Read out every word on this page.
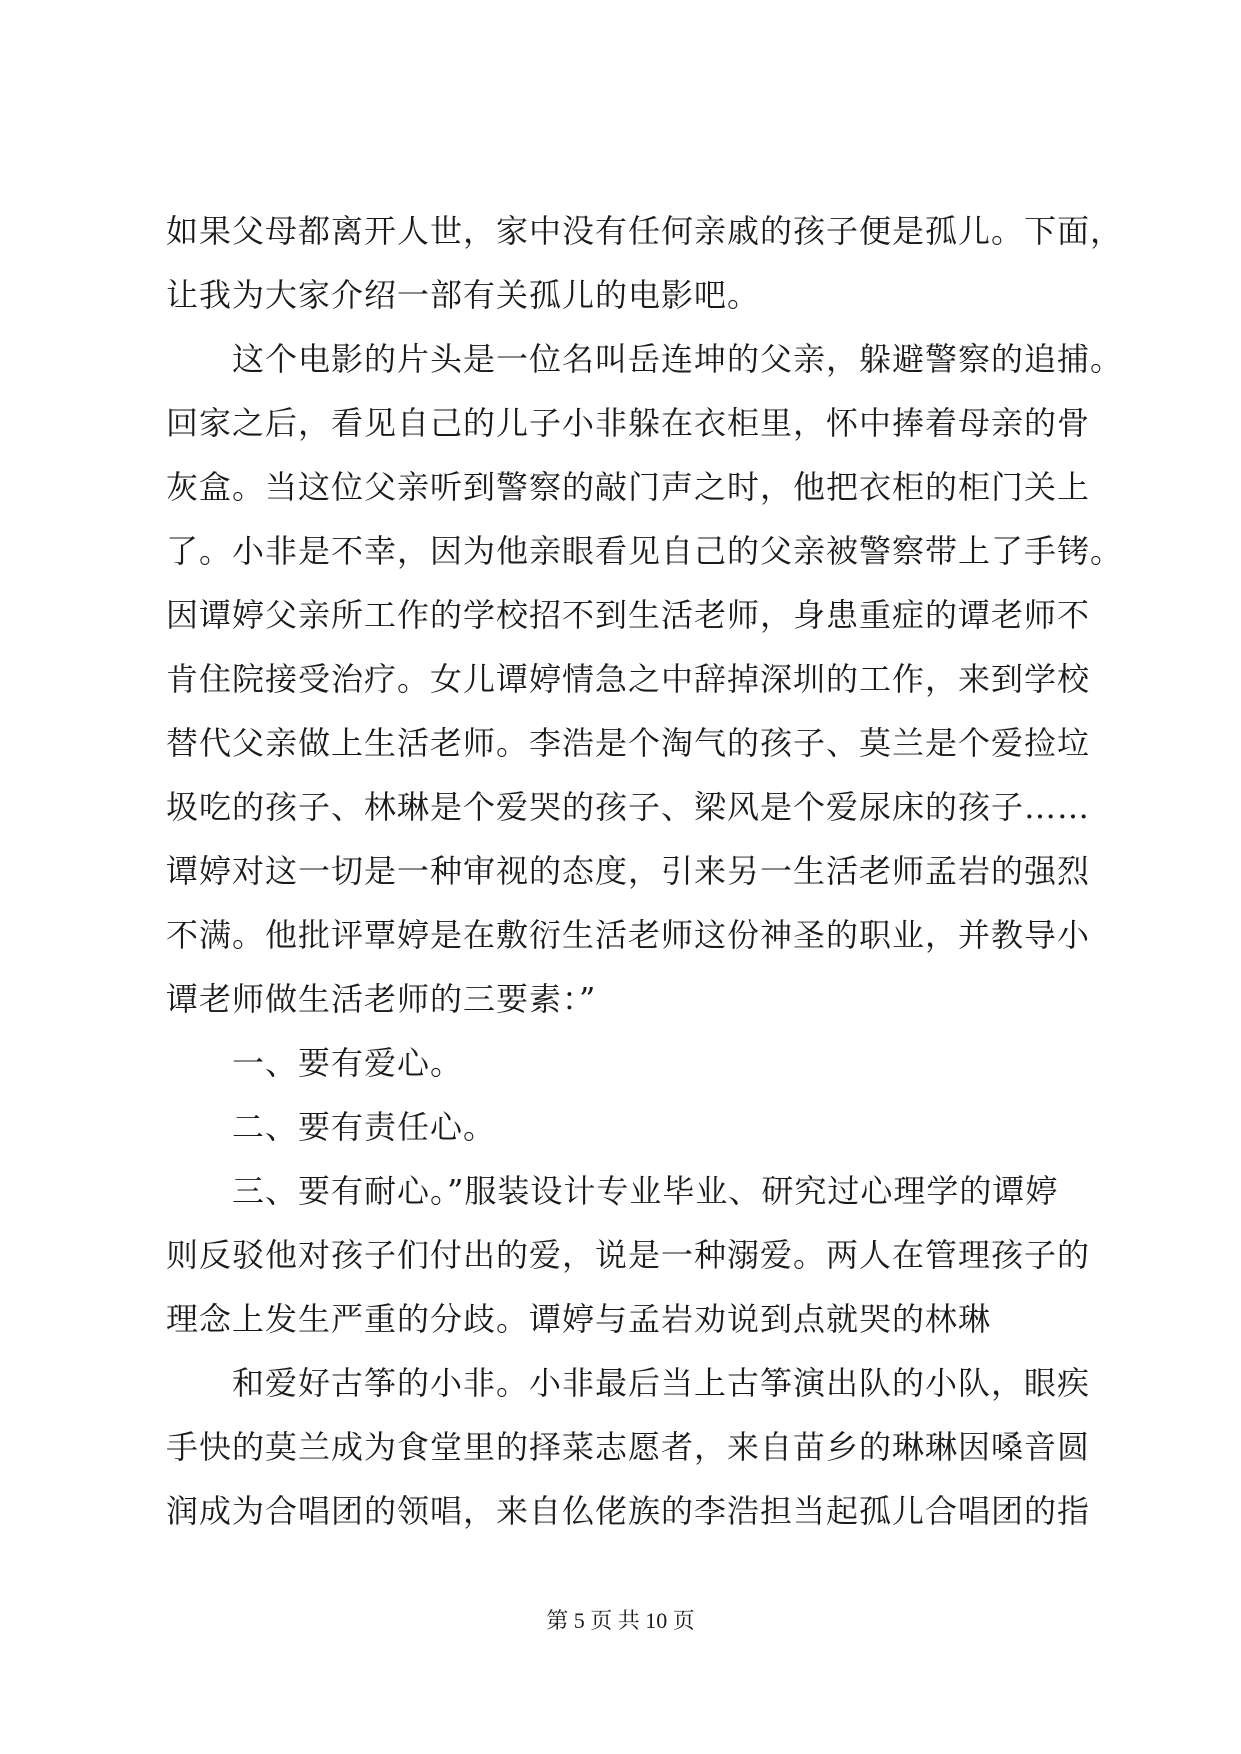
如果父母都离开人世，家中没有任何亲戚的孩子便是孤儿。下面，
让我为大家介绍一部有关孤儿的电影吧。
　　这个电影的片头是一位名叫岳连坤的父亲，躲避警察的追捕。
回家之后，看见自己的儿子小非躲在衣柜里，怀中捧着母亲的骨
灰盒。当这位父亲听到警察的敲门声之时，他把衣柜的柜门关上
了。小非是不幸，因为他亲眼看见自己的父亲被警察带上了手铐。
因谭婷父亲所工作的学校招不到生活老师，身患重症的谭老师不
肯住院接受治疗。女儿谭婷情急之中辞掉深圳的工作，来到学校
替代父亲做上生活老师。李浩是个淘气的孩子、莫兰是个爱捡垃
圾吃的孩子、林琳是个爱哭的孩子、梁风是个爱尿床的孩子……
谭婷对这一切是一种审视的态度，引来另一生活老师孟岩的强烈
不满。他批评覃婷是在敷衍生活老师这份神圣的职业，并教导小
谭老师做生活老师的三要素：”
　　一、要有爱心。
　　二、要有责任心。
　　三、要有耐心。”服装设计专业毕业、研究过心理学的谭婷
则反驳他对孩子们付出的爱，说是一种溺爱。两人在管理孩子的
理念上发生严重的分歧。谭婷与孟岩劝说到点就哭的林琳
　　和爱好古筝的小非。小非最后当上古筝演出队的小队，眼疾
手快的莫兰成为食堂里的择菜志愿者，来自苗乡的琳琳因嗓音圆
润成为合唱团的领唱，来自仫佬族的李浩担当起孤儿合唱团的指
第 5 页 共 10 页
